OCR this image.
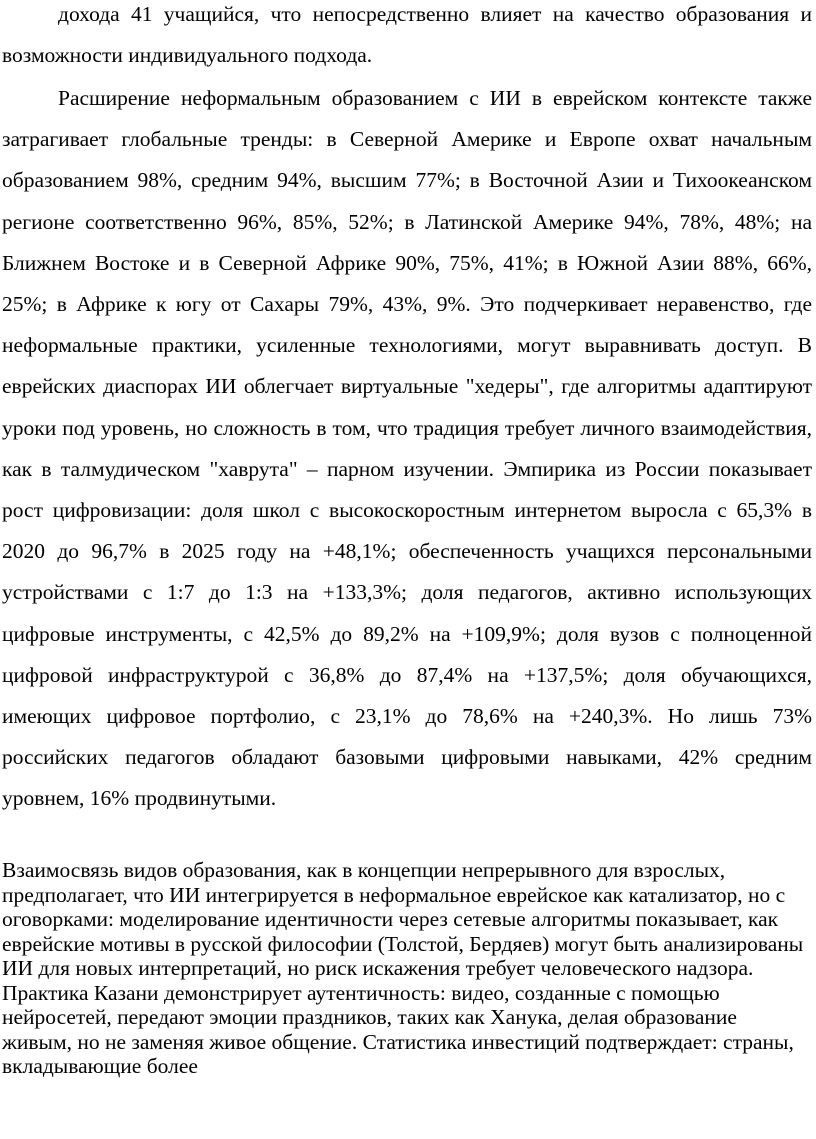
дохода 41 учащийся, что непосредственно влияет на качество образования и возможности индивидуального подхода.

Расширение неформальным образованием с ИИ в еврейском контексте также затрагивает глобальные тренды: в Северной Америке и Европе охват начальным образованием 98%, средним 94%, высшим 77%; в Восточной Азии и Тихоокеанском регионе соответственно 96%, 85%, 52%; в Латинской Америке 94%, 78%, 48%; на Ближнем Востоке и в Северной Африке 90%, 75%, 41%; в Южной Азии 88%, 66%, 25%; в Африке к югу от Сахары 79%, 43%, 9%. Это подчеркивает неравенство, где неформальные практики, усиленные технологиями, могут выравнивать доступ. В еврейских диаспорах ИИ облегчает виртуальные "хедеры", где алгоритмы адаптируют уроки под уровень, но сложность в том, что традиция требует личного взаимодействия, как в талмудическом "хаврута" – парном изучении. Эмпирика из России показывает рост цифровизации: доля школ с высокоскоростным интернетом выросла с 65,3% в 2020 до 96,7% в 2025 году на +48,1%; обеспеченность учащихся персональными устройствами с 1:7 до 1:3 на +133,3%; доля педагогов, активно использующих цифровые инструменты, с 42,5% до 89,2% на +109,9%; доля вузов с полноценной цифровой инфраструктурой с 36,8% до 87,4% на +137,5%; доля обучающихся, имеющих цифровое портфолио, с 23,1% до 78,6% на +240,3%. Но лишь 73% российских педагогов обладают базовыми цифровыми навыками, 42% средним уровнем, 16% продвинутыми.

Взаимосвязь видов образования, как в концепции непрерывного для взрослых, предполагает, что ИИ интегрируется в неформальное еврейское как катализатор, но с оговорками: моделирование идентичности через сетевые алгоритмы показывает, как еврейские мотивы в русской философии (Толстой, Бердяев) могут быть анализированы ИИ для новых интерпретаций, но риск искажения требует человеческого надзора. Практика Казани демонстрирует аутентичность: видео, созданные с помощью нейросетей, передают эмоции праздников, таких как Ханука, делая образование живым, но не заменяя живое общение. Статистика инвестиций подтверждает: страны, вкладывающие более
